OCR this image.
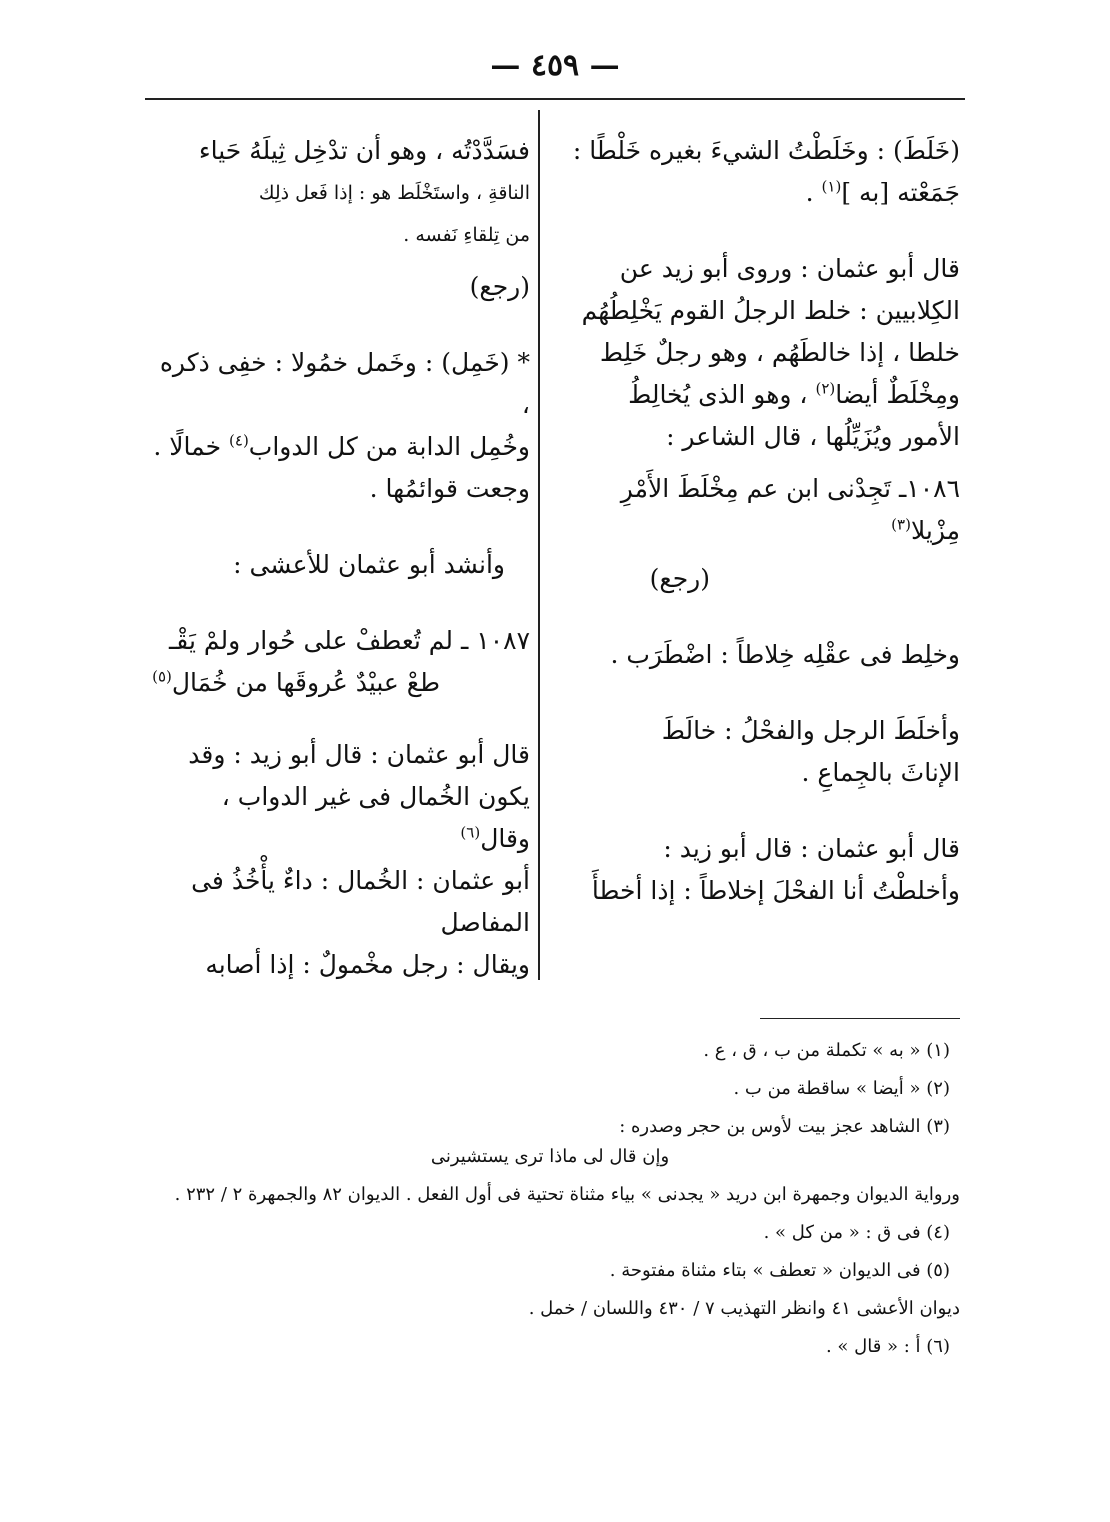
— ٤٥٩ —
(خَلَطَ) : وخَلَطْتُ الشيءَ بغيره خَلْطًا :
جَمَعْته [به ]$^{(١)}$ .
قال أبو عثمان : وروى أبو زيد عن
الكِلابيين : خلط الرجلُ القوم يَخْلِطُهُم
خلطا ، إذا خالطَهُم ، وهو رجلٌ خَلِط
ومِخْلَطٌ أيضا$^{(٢)}$ ، وهو الذى يُخالِطُ
الأمور ويُزَيِّلُها ، قال الشاعر :
١٠٨٦ـ تَجِدْنى ابن عم مِخْلَطَ الأَمْرِ مِزْيلا$^{(٣)}$
(رجع)
وخلِط فى عقْلِه خِلاطاً : اضْطَرَب .
وأخلَطَ الرجل والفحْلُ : خالَطَ
الإناثَ بالجِماعِ .
قال أبو عثمان : قال أبو زيد :
وأخلطْتُ أنا الفحْلَ إخلاطاً : إذا أخطأَ
فسَدَّدْتُه ، وهو أن تدْخِل ثِيلَهُ حَياء
الناقةِ ، واستَخْلَط هو : إذا فَعل ذلِك
من تِلقاءِ نَفسه .
(رجع)
* (خَمِل) : وخَمل خمُولا : خفِى ذكره ،
وخُمِل الدابة من كل الدواب$^{(٤)}$ خمالًا .
وجعت قوائمُها .
وأنشد أبو عثمان للأعشى :
١٠٨٧ ـ لم تُعطفْ على حُوار ولمْ يَقْـ
طعْ عبيْدٌ عُروقَها من خُمَال$^{(٥)}$
قال أبو عثمان : قال أبو زيد : وقد
يكون الخُمال فى غير الدواب ، وقال$^{(٦)}$
أبو عثمان : الخُمال : داءٌ يأْخُذُ فى المفاصل
ويقال : رجل مخْمولٌ : إذا أصابه

(١) « به » تكملة من ب ، ق ، ع .

(٢) « أيضا » ساقطة من ب .

(٣) الشاهد عجز بيت لأوس بن حجر وصدره :

وإن قال لى ماذا ترى يستشيرنى

ورواية الديوان وجمهرة ابن دريد « يجدنى » بياء مثناة تحتية فى أول الفعل . الديوان ٨٢ والجمهرة ٢ / ٢٣٢ .

(٤) فى ق : « من كل » .

(٥) فى الديوان « تعطف » بتاء مثناة مفتوحة .

ديوان الأعشى ٤١ وانظر التهذيب ٧ / ٤٣٠ واللسان / خمل .

(٦) أ : « قال » .
